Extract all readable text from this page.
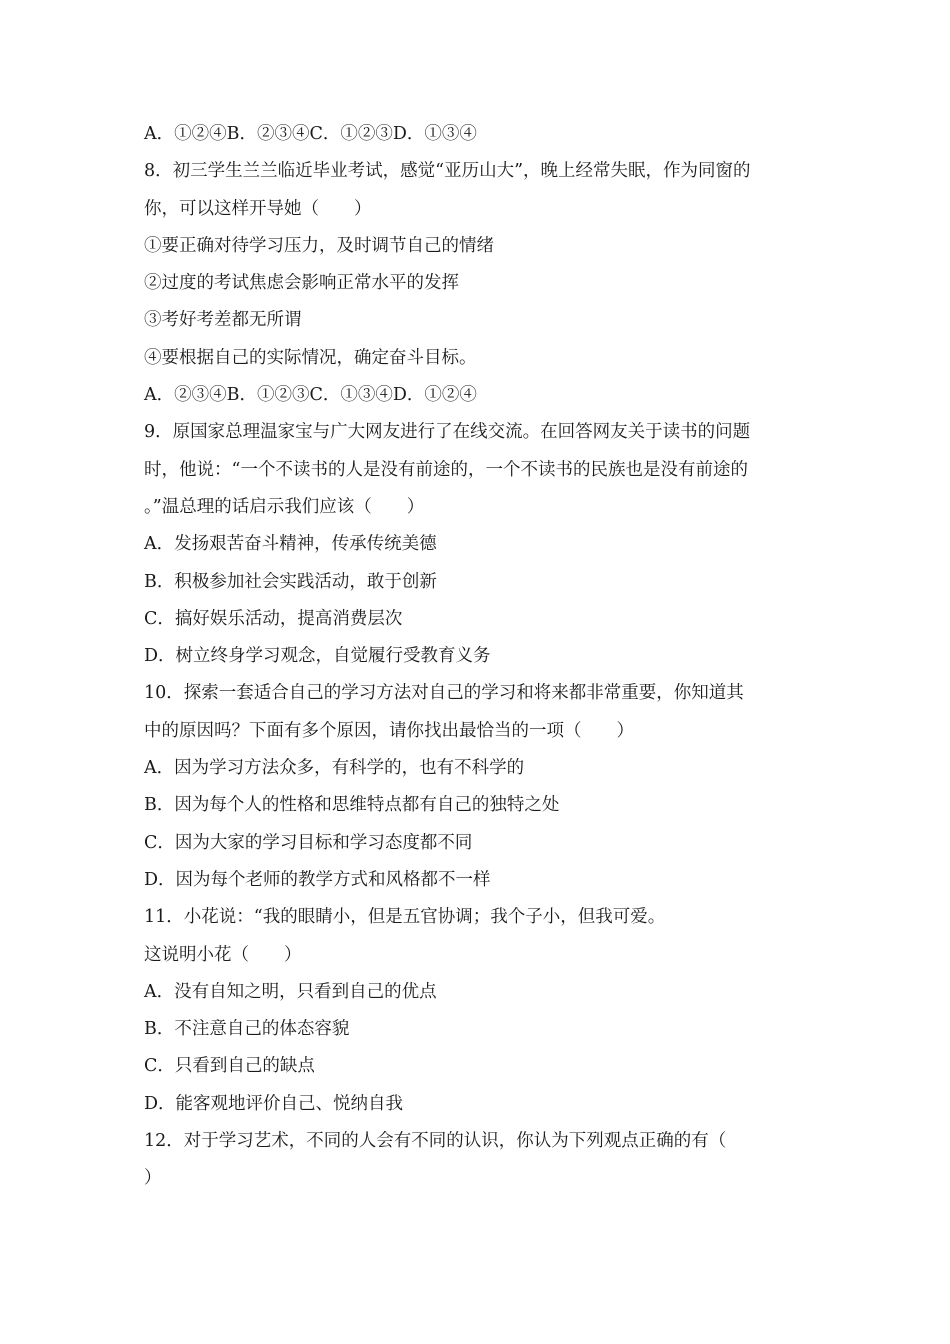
A．①②④B．②③④C．①②③D．①③④
8．初三学生兰兰临近毕业考试，感觉“亚历山大”，晚上经常失眠，作为同窗的
你，可以这样开导她（　　）
①要正确对待学习压力，及时调节自己的情绪
②过度的考试焦虑会影响正常水平的发挥
③考好考差都无所谓
④要根据自己的实际情况，确定奋斗目标。
A．②③④B．①②③C．①③④D．①②④
9．原国家总理温家宝与广大网友进行了在线交流。在回答网友关于读书的问题
时，他说：“一个不读书的人是没有前途的，一个不读书的民族也是没有前途的
。”温总理的话启示我们应该（　　）
A．发扬艰苦奋斗精神，传承传统美德
B．积极参加社会实践活动，敢于创新
C．搞好娱乐活动，提高消费层次
D．树立终身学习观念，自觉履行受教育义务
10．探索一套适合自己的学习方法对自己的学习和将来都非常重要，你知道其
中的原因吗？下面有多个原因，请你找出最恰当的一项（　　）
A．因为学习方法众多，有科学的，也有不科学的
B．因为每个人的性格和思维特点都有自己的独特之处
C．因为大家的学习目标和学习态度都不同
D．因为每个老师的教学方式和风格都不一样
11．小花说：“我的眼睛小，但是五官协调；我个子小，但我可爱。
这说明小花（　　）
A．没有自知之明，只看到自己的优点
B．不注意自己的体态容貌
C．只看到自己的缺点
D．能客观地评价自己、悦纳自我
12．对于学习艺术，不同的人会有不同的认识，你认为下列观点正确的有（
）
